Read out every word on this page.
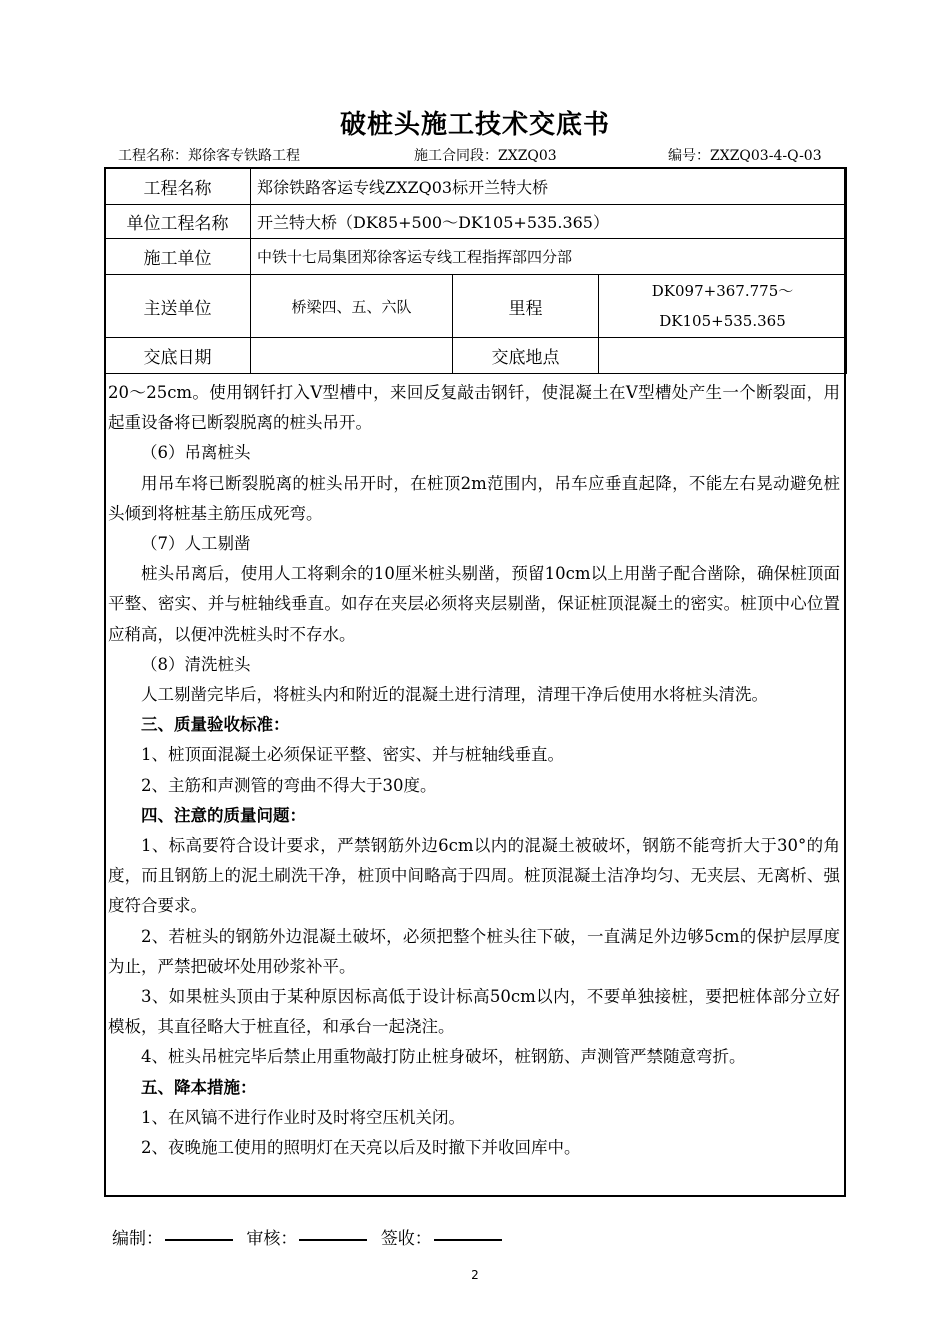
破桩头施工技术交底书
工程名称：郑徐客专铁路工程	施工合同段：ZXZQ03	编号：ZXZQ03-4-Q-03
工程名称	郑徐铁路客运专线ZXZQ03标开兰特大桥		
单位工程名称	开兰特大桥（DK85+500～DK105+535.365）		
施工单位	中铁十七局集团郑徐客运专线工程指挥部四分部		
主送单位	桥梁四、五、六队	里程	DK097+367.775～
DK105+535.365

交底日期		交底地点	

20～25cm。使用钢钎打入V型槽中，来回反复敲击钢钎，使混凝土在V型槽处产生一个断裂面，用起重设备将已断裂脱离的桩头吊开。

（6）吊离桩头

用吊车将已断裂脱离的桩头吊开时，在桩顶2m范围内，吊车应垂直起降，不能左右晃动避免桩头倾到将桩基主筋压成死弯。

（7）人工剔凿

桩头吊离后，使用人工将剩余的10厘米桩头剔凿，预留10cm以上用凿子配合凿除，确保桩顶面平整、密实、并与桩轴线垂直。如存在夹层必须将夹层剔凿，保证桩顶混凝土的密实。桩顶中心位置应稍高，以便冲洗桩头时不存水。

（8）清洗桩头

人工剔凿完毕后，将桩头内和附近的混凝土进行清理，清理干净后使用水将桩头清洗。

三、质量验收标准：

1、桩顶面混凝土必须保证平整、密实、并与桩轴线垂直。

2、主筋和声测管的弯曲不得大于30度。

四、注意的质量问题：

1、标高要符合设计要求，严禁钢筋外边6cm以内的混凝土被破坏，钢筋不能弯折大于30°的角度，而且钢筋上的泥土刷洗干净，桩顶中间略高于四周。桩顶混凝土洁净均匀、无夹层、无离析、强度符合要求。

2、若桩头的钢筋外边混凝土破坏，必须把整个桩头往下破，一直满足外边够5cm的保护层厚度为止，严禁把破坏处用砂浆补平。

3、如果桩头顶由于某种原因标高低于设计标高50cm以内，不要单独接桩，要把桩体部分立好模板，其直径略大于桩直径，和承台一起浇注。

4、桩头吊桩完毕后禁止用重物敲打防止桩身破坏，桩钢筋、声测管严禁随意弯折。

五、降本措施：

1、在风镐不进行作业时及时将空压机关闭。

2、夜晚施工使用的照明灯在天亮以后及时撤下并收回库中。

编制：	审核：	签收：
2
